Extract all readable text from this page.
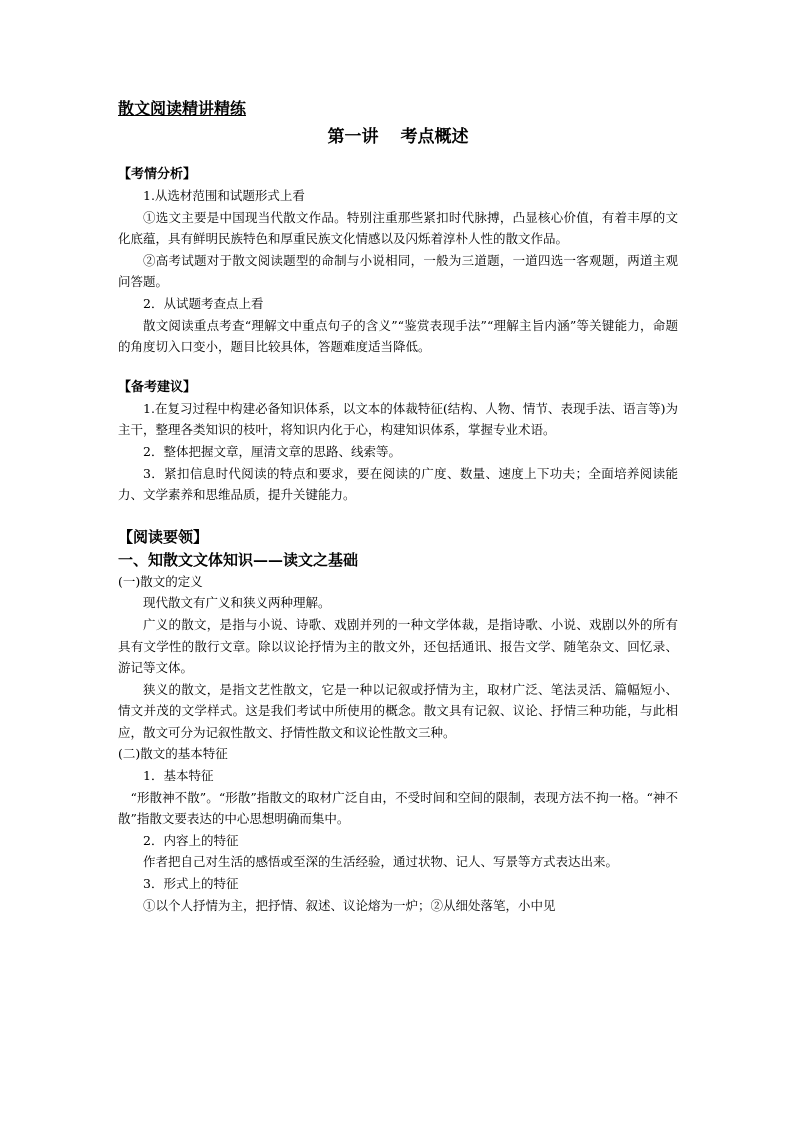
散文阅读精讲精练

第一讲 考点概述

【考情分析】

1.从选材范围和试题形式上看

①选文主要是中国现当代散文作品。特别注重那些紧扣时代脉搏，凸显核心价值，有着丰厚的文化底蕴，具有鲜明民族特色和厚重民族文化情感以及闪烁着淳朴人性的散文作品。

②高考试题对于散文阅读题型的命制与小说相同，一般为三道题，一道四选一客观题，两道主观问答题。

2．从试题考查点上看

散文阅读重点考查“理解文中重点句子的含义”“鉴赏表现手法”“理解主旨内涵”等关键能力，命题的角度切入口变小，题目比较具体，答题难度适当降低。

【备考建议】

1.在复习过程中构建必备知识体系，以文本的体裁特征(结构、人物、情节、表现手法、语言等)为主干，整理各类知识的枝叶，将知识内化于心，构建知识体系，掌握专业术语。

2．整体把握文章，厘清文章的思路、线索等。

3．紧扣信息时代阅读的特点和要求，要在阅读的广度、数量、速度上下功夫；全面培养阅读能力、文学素养和思维品质，提升关键能力。

【阅读要领】

一、知散文文体知识——读文之基础

(一)散文的定义

现代散文有广义和狭义两种理解。

广义的散文，是指与小说、诗歌、戏剧并列的一种文学体裁，是指诗歌、小说、戏剧以外的所有具有文学性的散行文章。除以议论抒情为主的散文外，还包括通讯、报告文学、随笔杂文、回忆录、游记等文体。

狭义的散文，是指文艺性散文，它是一种以记叙或抒情为主，取材广泛、笔法灵活、篇幅短小、情文并茂的文学样式。这是我们考试中所使用的概念。散文具有记叙、议论、抒情三种功能，与此相应，散文可分为记叙性散文、抒情性散文和议论性散文三种。

(二)散文的基本特征

1．基本特征

“形散神不散”。“形散”指散文的取材广泛自由，不受时间和空间的限制，表现方法不拘一格。“神不散”指散文要表达的中心思想明确而集中。

2．内容上的特征

作者把自己对生活的感悟或至深的生活经验，通过状物、记人、写景等方式表达出来。

3．形式上的特征

①以个人抒情为主，把抒情、叙述、议论熔为一炉；②从细处落笔，小中见
